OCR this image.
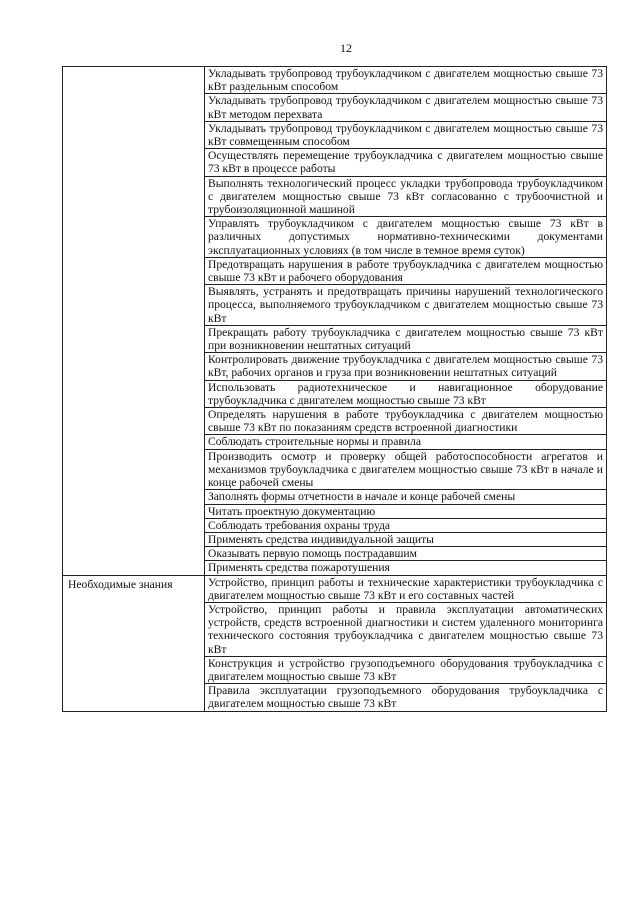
12
	Укладывать трубопровод трубоукладчиком с двигателем мощностью свыше 73 кВт раздельным способом
	Укладывать трубопровод трубоукладчиком с двигателем мощностью свыше 73 кВт методом перехвата
	Укладывать трубопровод трубоукладчиком с двигателем мощностью свыше 73 кВт совмещенным способом
	Осуществлять перемещение трубоукладчика с двигателем мощностью свыше 73 кВт в процессе работы
	Выполнять технологический процесс укладки трубопровода трубоукладчиком с двигателем мощностью свыше 73 кВт согласованно с трубоочистной и трубоизоляционной машиной
	Управлять трубоукладчиком с двигателем мощностью свыше 73 кВт в различных допустимых нормативно-техническими документами эксплуатационных условиях (в том числе в темное время суток)
	Предотвращать нарушения в работе трубоукладчика с двигателем мощностью свыше 73 кВт и рабочего оборудования
	Выявлять, устранять и предотвращать причины нарушений технологического процесса, выполняемого трубоукладчиком с двигателем мощностью свыше 73 кВт
	Прекращать работу трубоукладчика с двигателем мощностью свыше 73 кВт при возникновении нештатных ситуаций
	Контролировать движение трубоукладчика с двигателем мощностью свыше 73 кВт, рабочих органов и груза при возникновении нештатных ситуаций
	Использовать радиотехническое и навигационное оборудование трубоукладчика с двигателем мощностью свыше 73 кВт
	Определять нарушения в работе трубоукладчика с двигателем мощностью свыше 73 кВт по показаниям средств встроенной диагностики
	Соблюдать строительные нормы и правила
	Производить осмотр и проверку общей работоспособности агрегатов и механизмов трубоукладчика с двигателем мощностью свыше 73 кВт в начале и конце рабочей смены
	Заполнять формы отчетности в начале и конце рабочей смены
	Читать проектную документацию
	Соблюдать требования охраны труда
	Применять средства индивидуальной защиты
	Оказывать первую помощь пострадавшим
	Применять средства пожаротушения
Необходимые знания	Устройство, принцип работы и технические характеристики трубоукладчика с двигателем мощностью свыше 73 кВт и его составных частей
	Устройство, принцип работы и правила эксплуатации автоматических устройств, средств встроенной диагностики и систем удаленного мониторинга технического состояния трубоукладчика с двигателем мощностью свыше 73 кВт
	Конструкция и устройство грузоподъемного оборудования трубоукладчика с двигателем мощностью свыше 73 кВт
	Правила эксплуатации грузоподъемного оборудования трубоукладчика с двигателем мощностью свыше 73 кВт
